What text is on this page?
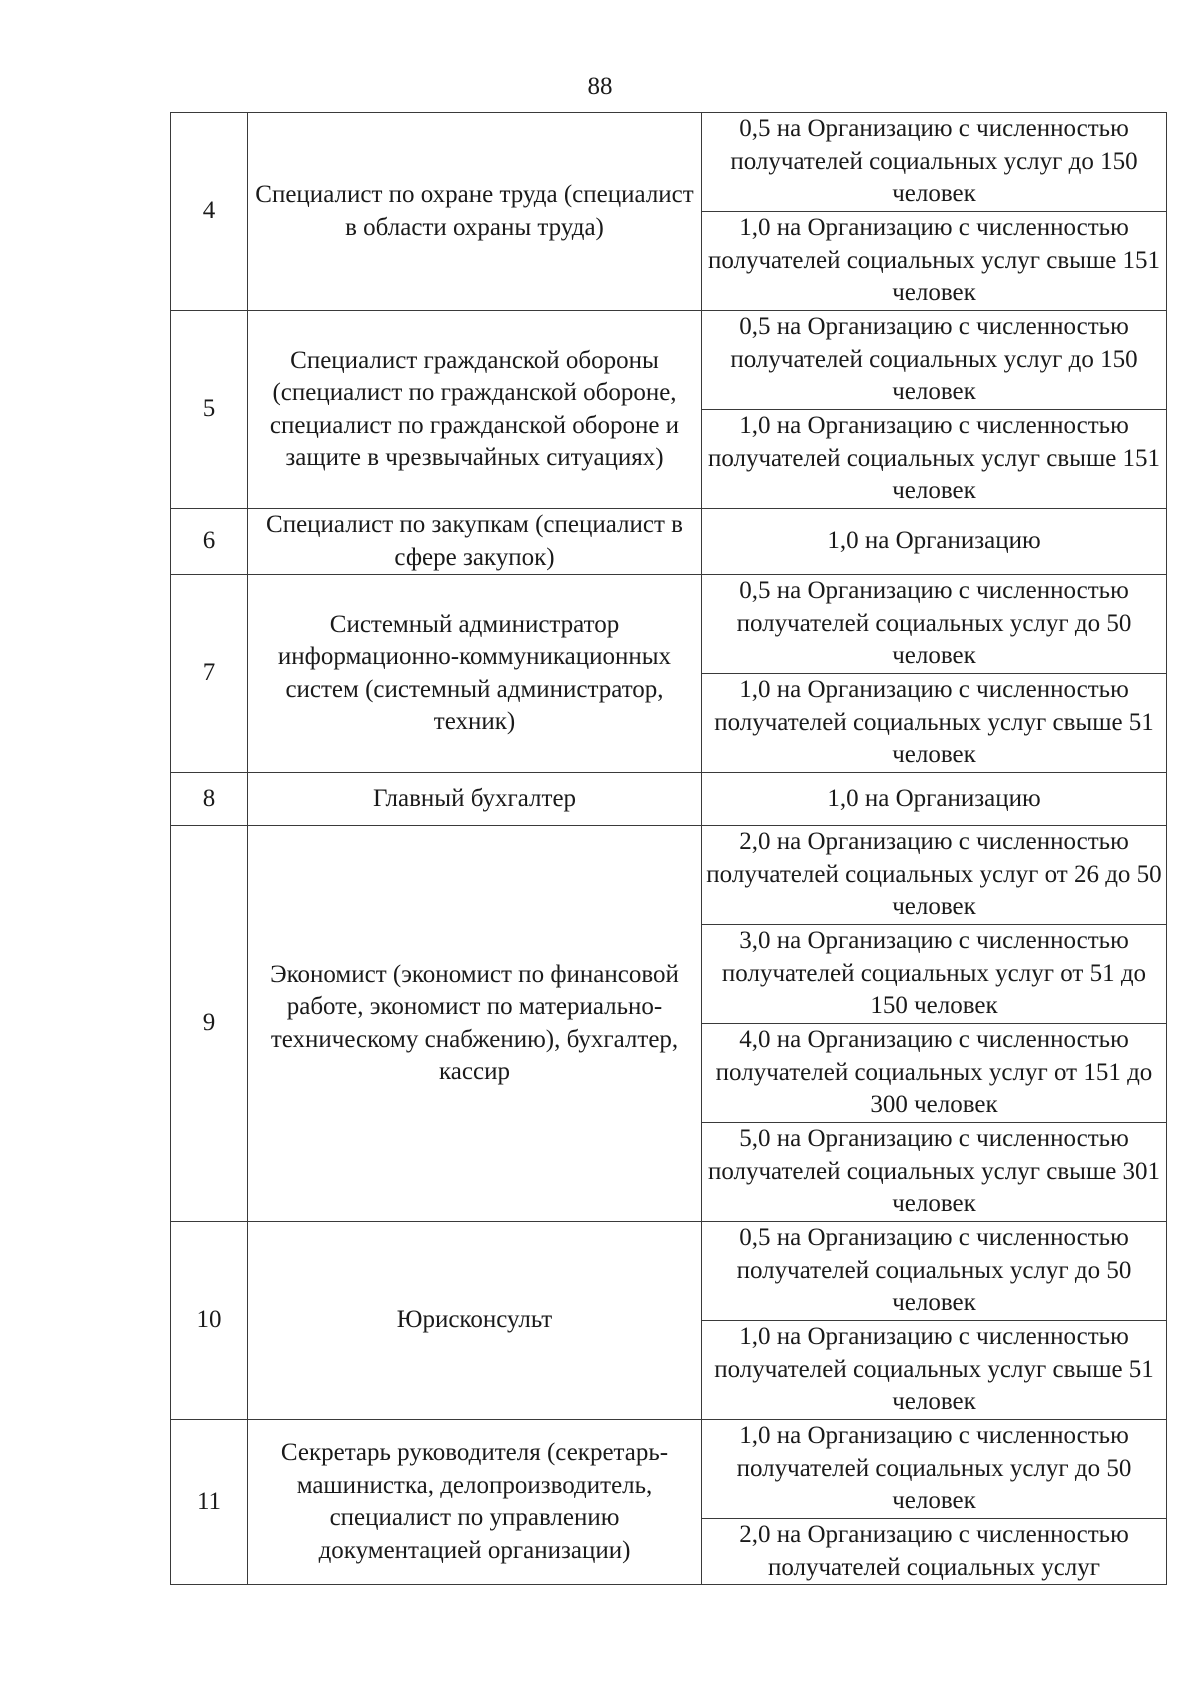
88
4	Специалист по охране труда (специалист в области охраны труда)	0,5 на Организацию с численностью получателей социальных услуг до 150 человек
		1,0 на Организацию с численностью получателей социальных услуг свыше 151 человек
5	Специалист гражданской обороны (специалист по гражданской обороне, специалист по гражданской обороне и защите в чрезвычайных ситуациях)	0,5 на Организацию с численностью получателей социальных услуг до 150 человек
		1,0 на Организацию с численностью получателей социальных услуг свыше 151 человек
6	Специалист по закупкам (специалист в сфере закупок)	1,0 на Организацию
7	Системный администратор информационно-коммуникационных систем (системный администратор, техник)	0,5 на Организацию с численностью получателей социальных услуг до 50 человек
		1,0 на Организацию с численностью получателей социальных услуг свыше 51 человек
8	Главный бухгалтер	1,0 на Организацию
9	Экономист (экономист по финансовой работе, экономист по материально-техническому снабжению), бухгалтер, кассир	2,0 на Организацию с численностью получателей социальных услуг от 26 до 50 человек
		3,0 на Организацию с численностью получателей социальных услуг от 51 до 150 человек
		4,0 на Организацию с численностью получателей социальных услуг от 151 до 300 человек
		5,0 на Организацию с численностью получателей социальных услуг свыше 301 человек
10	Юрисконсульт	0,5 на Организацию с численностью получателей социальных услуг до 50 человек
		1,0 на Организацию с численностью получателей социальных услуг свыше 51 человек
11	Секретарь руководителя (секретарь-машинистка, делопроизводитель, специалист по управлению документацией организации)	1,0 на Организацию с численностью получателей социальных услуг до 50 человек
		2,0 на Организацию с численностью получателей социальных услуг
